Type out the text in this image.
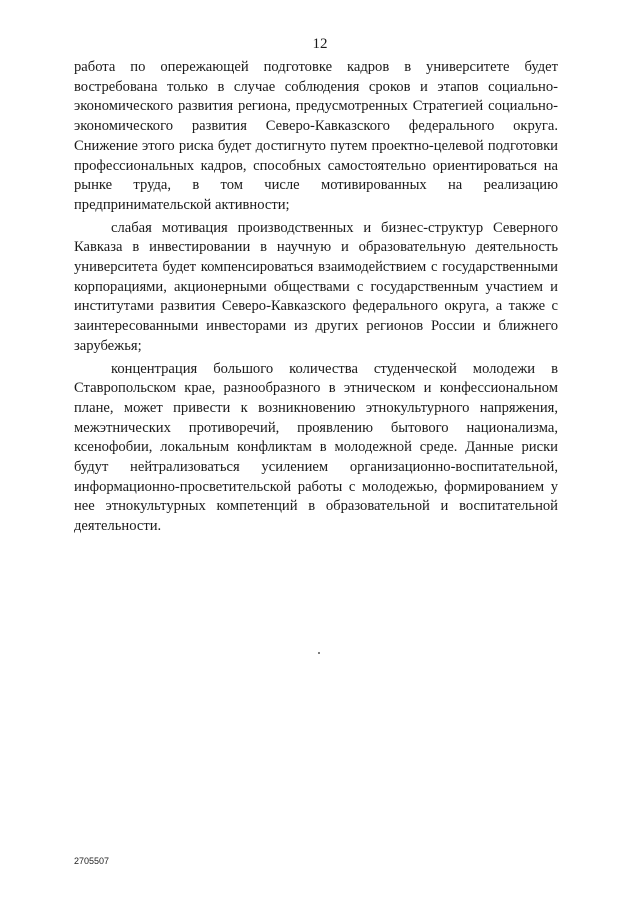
12

работа по опережающей подготовке кадров в университете будет востребована только в случае соблюдения сроков и этапов социально-экономического развития региона, предусмотренных Стратегией социально-экономического развития Северо-Кавказского федерального округа. Снижение этого риска будет достигнуто путем проектно-целевой подготовки профессиональных кадров, способных самостоятельно ориентироваться на рынке труда, в том числе мотивированных на реализацию предпринимательской активности;

слабая мотивация производственных и бизнес-структур Северного Кавказа в инвестировании в научную и образовательную деятельность университета будет компенсироваться взаимодействием с государственными корпорациями, акционерными обществами с государственным участием и институтами развития Северо-Кавказского федерального округа, а также с заинтересованными инвесторами из других регионов России и ближнего зарубежья;

концентрация большого количества студенческой молодежи в Ставропольском крае, разнообразного в этническом и конфессиональном плане, может привести к возникновению этнокультурного напряжения, межэтнических противоречий, проявлению бытового национализма, ксенофобии, локальным конфликтам в молодежной среде. Данные риски будут нейтрализоваться усилением организационно-воспитательной, информационно-просветительской работы с молодежью, формированием у нее этнокультурных компетенций в образовательной и воспитательной деятельности.

2705507
